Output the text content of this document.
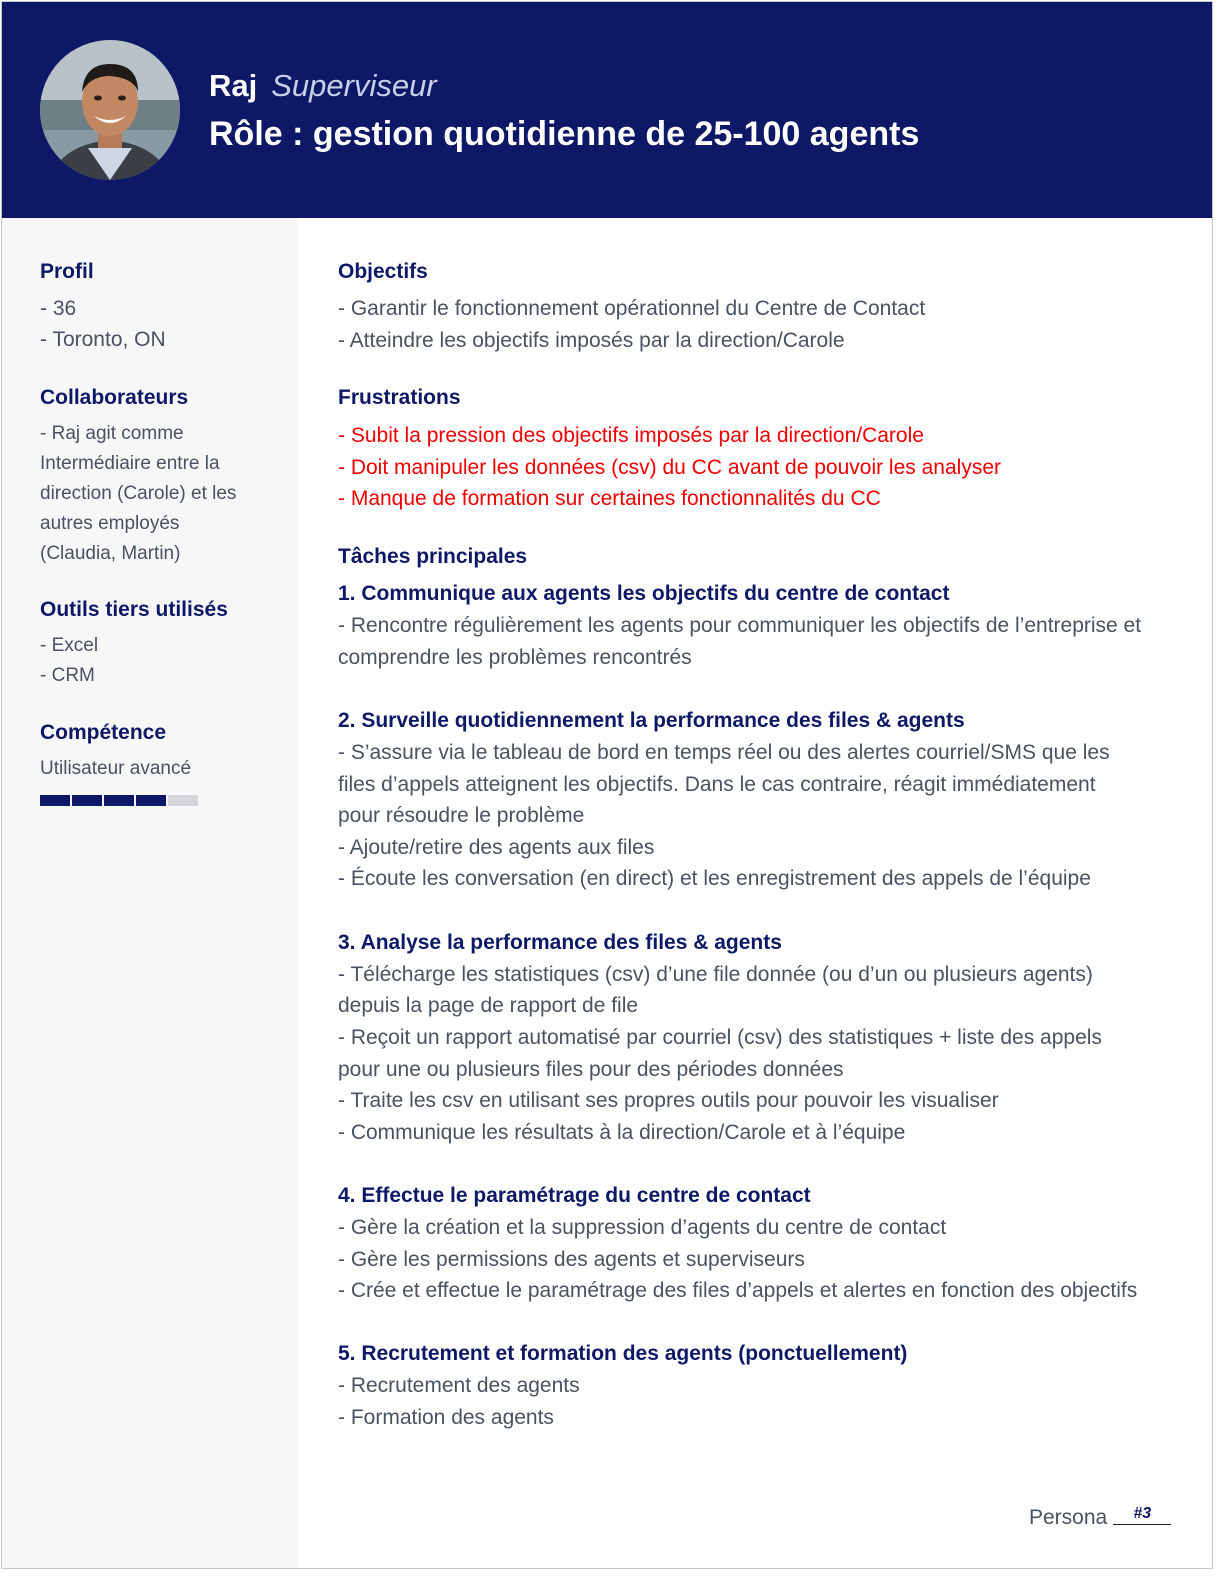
Raj Superviseur
Rôle : gestion quotidienne de 25-100 agents
Profil
- 36
- Toronto, ON
Collaborateurs
- Raj agit comme
Intermédiaire entre la
direction (Carole) et les
autres employés
(Claudia, Martin)
Outils tiers utilisés
- Excel
- CRM
Compétence
Utilisateur avancé
Objectifs
- Garantir le fonctionnement opérationnel du Centre de Contact
- Atteindre les objectifs imposés par la direction/Carole
Frustrations
- Subit la pression des objectifs imposés par la direction/Carole
- Doit manipuler les données (csv) du CC avant de pouvoir les analyser
- Manque de formation sur certaines fonctionnalités du CC
Tâches principales
1. Communique aux agents les objectifs du centre de contact
- Rencontre régulièrement les agents pour communiquer les objectifs de l’entreprise et
comprendre les problèmes rencontrés
2. Surveille quotidiennement la performance des files & agents
- S’assure via le tableau de bord en temps réel ou des alertes courriel/SMS que les
files d’appels atteignent les objectifs. Dans le cas contraire, réagit immédiatement
pour résoudre le problème
- Ajoute/retire des agents aux files
- Écoute les conversation (en direct) et les enregistrement des appels de l’équipe
3. Analyse la performance des files & agents
- Télécharge les statistiques (csv) d’une file donnée (ou d’un ou plusieurs agents)
depuis la page de rapport de file
- Reçoit un rapport automatisé par courriel (csv) des statistiques + liste des appels
pour une ou plusieurs files pour des périodes données
- Traite les csv en utilisant ses propres outils pour pouvoir les visualiser
- Communique les résultats à la direction/Carole et à l’équipe
4. Effectue le paramétrage du centre de contact
- Gère la création et la suppression d’agents du centre de contact
- Gère les permissions des agents et superviseurs
- Crée et effectue le paramétrage des files d’appels et alertes en fonction des objectifs
5. Recrutement et formation des agents (ponctuellement)
- Recrutement des agents
- Formation des agents
Persona #3
